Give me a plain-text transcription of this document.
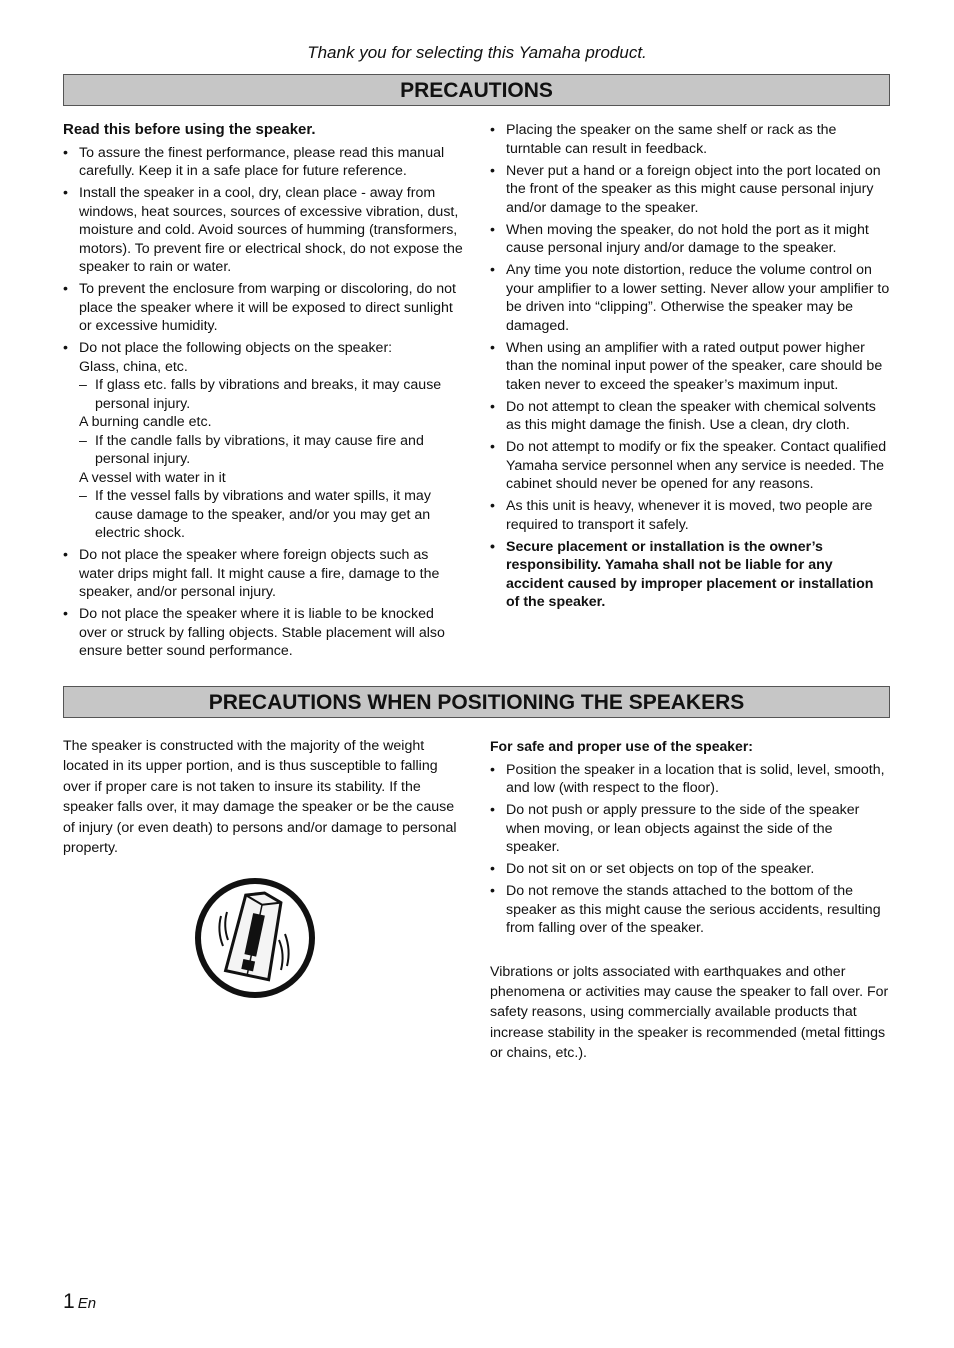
Thank you for selecting this Yamaha product.
PRECAUTIONS

Read this before using the speaker.

• To assure the finest performance, please read this manual carefully. Keep it in a safe place for future reference.
• Install the speaker in a cool, dry, clean place - away from windows, heat sources, sources of excessive vibration, dust, moisture and cold. Avoid sources of humming (transformers, motors). To prevent fire or electrical shock, do not expose the speaker to rain or water.
• To prevent the enclosure from warping or discoloring, do not place the speaker where it will be exposed to direct sunlight or excessive humidity.
• Do not place the following objects on the speaker:
Glass, china, etc.
– If glass etc. falls by vibrations and breaks, it may cause personal injury.
A burning candle etc.
– If the candle falls by vibrations, it may cause fire and personal injury.
A vessel with water in it
– If the vessel falls by vibrations and water spills, it may cause damage to the speaker, and/or you may get an electric shock.
• Do not place the speaker where foreign objects such as water drips might fall. It might cause a fire, damage to the speaker, and/or personal injury.
• Do not place the speaker where it is liable to be knocked over or struck by falling objects. Stable placement will also ensure better sound performance.
• Placing the speaker on the same shelf or rack as the turntable can result in feedback.
• Never put a hand or a foreign object into the port located on the front of the speaker as this might cause personal injury and/or damage to the speaker.
• When moving the speaker, do not hold the port as it might cause personal injury and/or damage to the speaker.
• Any time you note distortion, reduce the volume control on your amplifier to a lower setting. Never allow your amplifier to be driven into “clipping”. Otherwise the speaker may be damaged.
• When using an amplifier with a rated output power higher than the nominal input power of the speaker, care should be taken never to exceed the speaker’s maximum input.
• Do not attempt to clean the speaker with chemical solvents as this might damage the finish. Use a clean, dry cloth.
• Do not attempt to modify or fix the speaker. Contact qualified Yamaha service personnel when any service is needed. The cabinet should never be opened for any reasons.
• As this unit is heavy, whenever it is moved, two people are required to transport it safely.
• Secure placement or installation is the owner’s responsibility. Yamaha shall not be liable for any accident caused by improper placement or installation of the speaker.
PRECAUTIONS WHEN POSITIONING THE SPEAKERS

The speaker is constructed with the majority of the weight located in its upper portion, and is thus susceptible to falling over if proper care is not taken to insure its stability. If the speaker falls over, it may damage the speaker or be the cause of injury (or even death) to persons and/or damage to personal property.

For safe and proper use of the speaker:

• Position the speaker in a location that is solid, level, smooth, and low (with respect to the floor).
• Do not push or apply pressure to the side of the speaker when moving, or lean objects against the side of the speaker.
• Do not sit on or set objects on top of the speaker.
• Do not remove the stands attached to the bottom of the speaker as this might cause the serious accidents, resulting from falling over of the speaker.

Vibrations or jolts associated with earthquakes and other phenomena or activities may cause the speaker to fall over. For safety reasons, using commercially available products that increase stability in the speaker is recommended (metal fittings or chains, etc.).

1 En
